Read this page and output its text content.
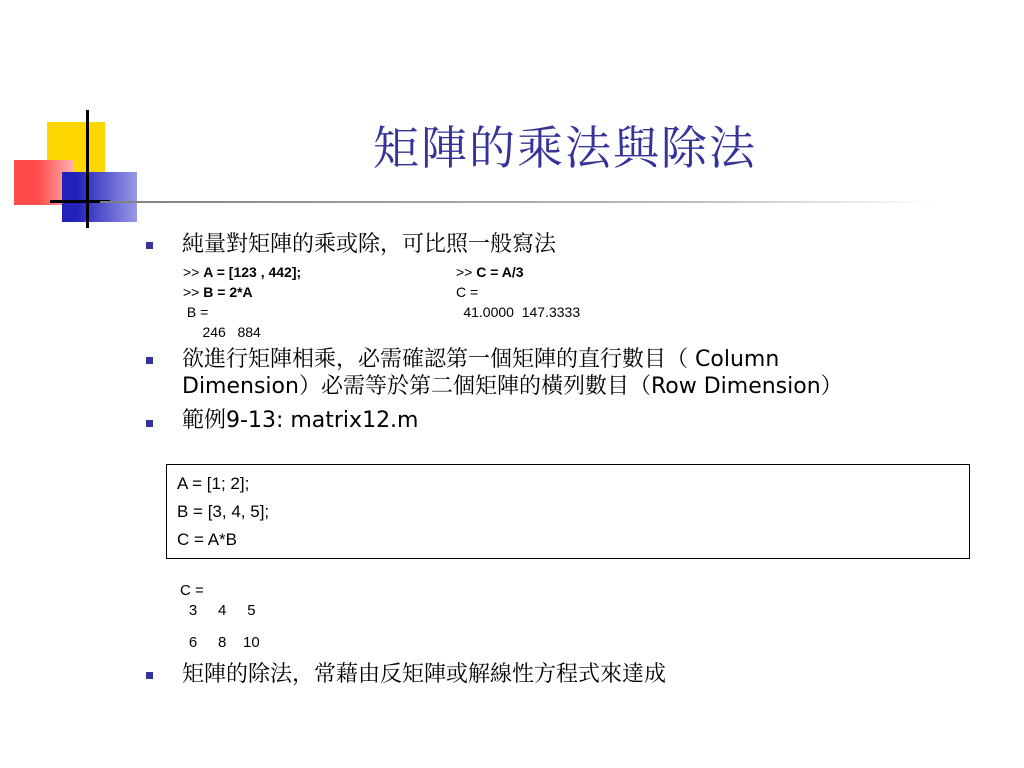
矩陣的乘法與除法
純量對矩陣的乘或除，可比照一般寫法
>> A = [123 , 442];
>> B = 2*A
B =
246   884
>> C = A/3
C =
41.0000  147.3333
欲進行矩陣相乘，必需確認第一個矩陣的直行數目（ Column
Dimension）必需等於第二個矩陣的橫列數目（Row Dimension）
範例9-13: matrix12.m
A = [1; 2];
B = [3, 4, 5];
C = A*B
C =
3     4     5
6     8    10
矩陣的除法，常藉由反矩陣或解線性方程式來達成
